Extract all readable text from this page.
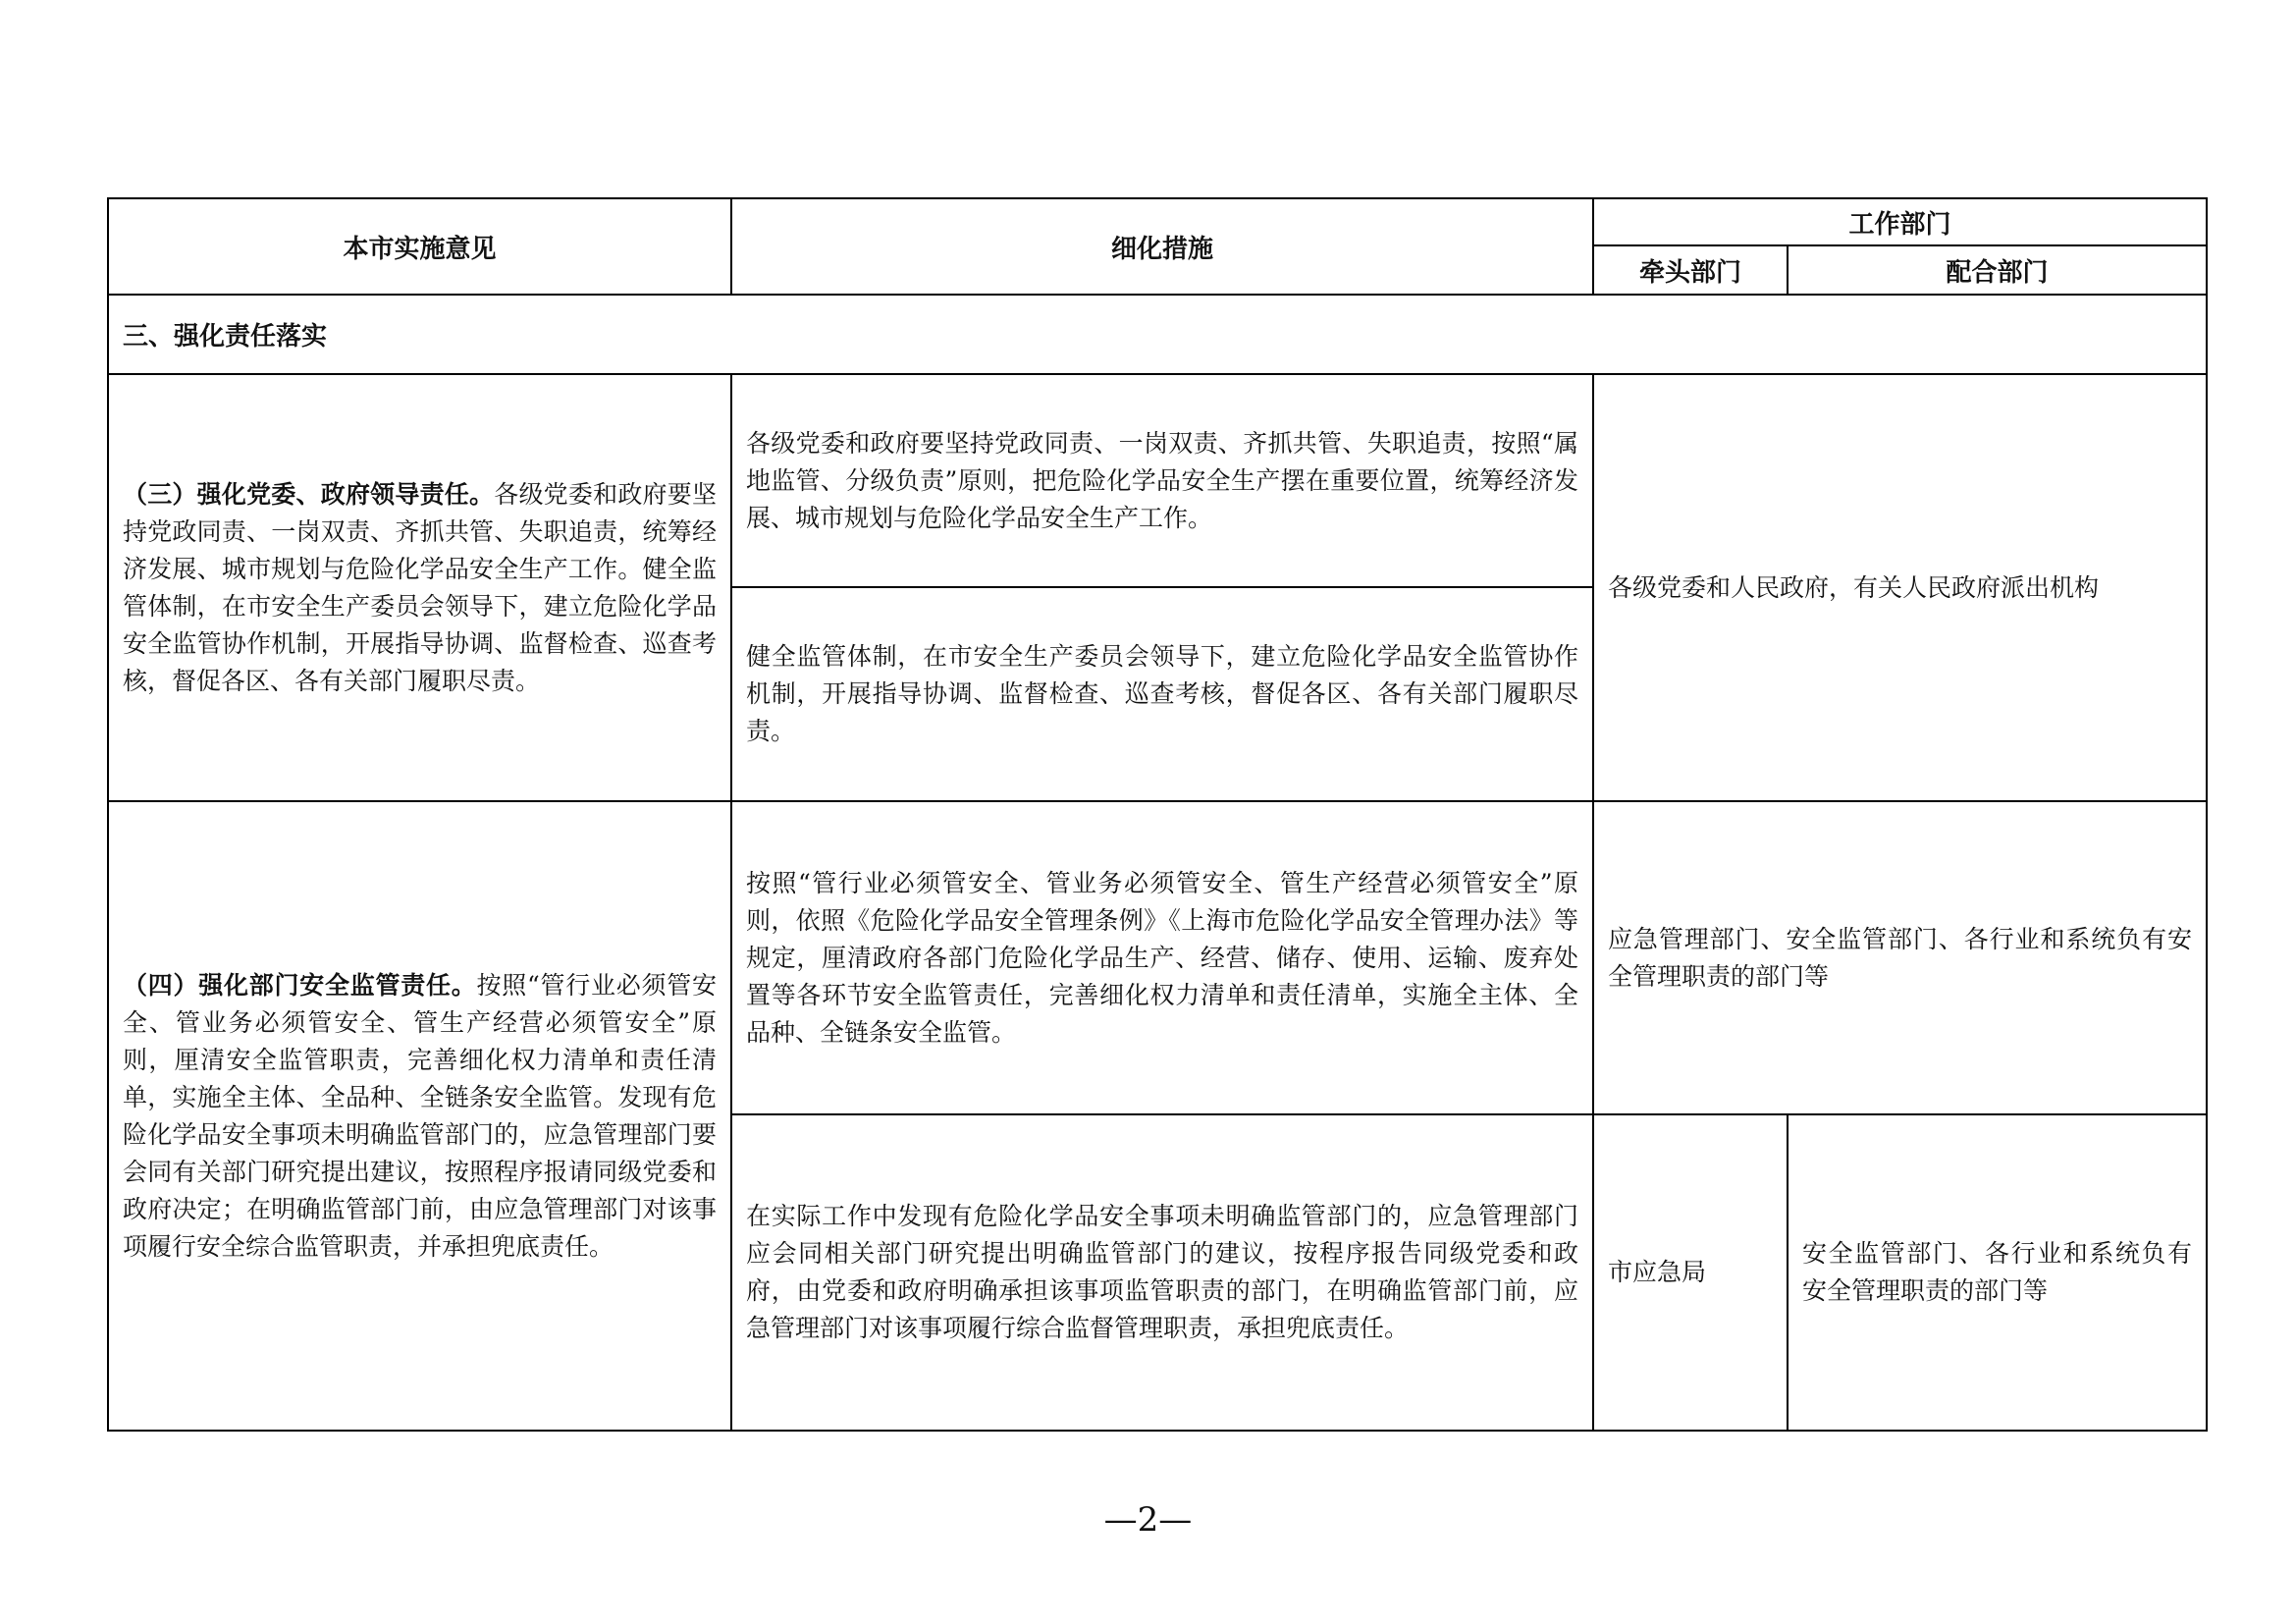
本市实施意见	细化措施	工作部门	
		牵头部门	配合部门
三、强化责任落实			
（三）强化党委、政府领导责任。各级党委和政府要坚持党政同责、一岗双责、齐抓共管、失职追责，统筹经济发展、城市规划与危险化学品安全生产工作。健全监管体制，在市安全生产委员会领导下，建立危险化学品安全监管协作机制，开展指导协调、监督检查、巡查考核，督促各区、各有关部门履职尽责。	各级党委和政府要坚持党政同责、一岗双责、齐抓共管、失职追责，按照“属地监管、分级负责”原则，把危险化学品安全生产摆在重要位置，统筹经济发展、城市规划与危险化学品安全生产工作。	各级党委和人民政府，有关人民政府派出机构	
	健全监管体制，在市安全生产委员会领导下，建立危险化学品安全监管协作机制，开展指导协调、监督检查、巡查考核，督促各区、各有关部门履职尽责。		
（四）强化部门安全监管责任。按照“管行业必须管安全、管业务必须管安全、管生产经营必须管安全”原则，厘清安全监管职责，完善细化权力清单和责任清单，实施全主体、全品种、全链条安全监管。发现有危险化学品安全事项未明确监管部门的，应急管理部门要会同有关部门研究提出建议，按照程序报请同级党委和政府决定；在明确监管部门前，由应急管理部门对该事项履行安全综合监管职责，并承担兜底责任。	按照“管行业必须管安全、管业务必须管安全、管生产经营必须管安全”原则，依照《危险化学品安全管理条例》《上海市危险化学品安全管理办法》等规定，厘清政府各部门危险化学品生产、经营、储存、使用、运输、废弃处置等各环节安全监管责任，完善细化权力清单和责任清单，实施全主体、全品种、全链条安全监管。	应急管理部门、安全监管部门、各行业和系统负有安全管理职责的部门等	
	在实际工作中发现有危险化学品安全事项未明确监管部门的，应急管理部门应会同相关部门研究提出明确监管部门的建议，按程序报告同级党委和政府，由党委和政府明确承担该事项监管职责的部门，在明确监管部门前，应急管理部门对该事项履行综合监督管理职责，承担兜底责任。	市应急局	安全监管部门、各行业和系统负有安全管理职责的部门等
—2—
